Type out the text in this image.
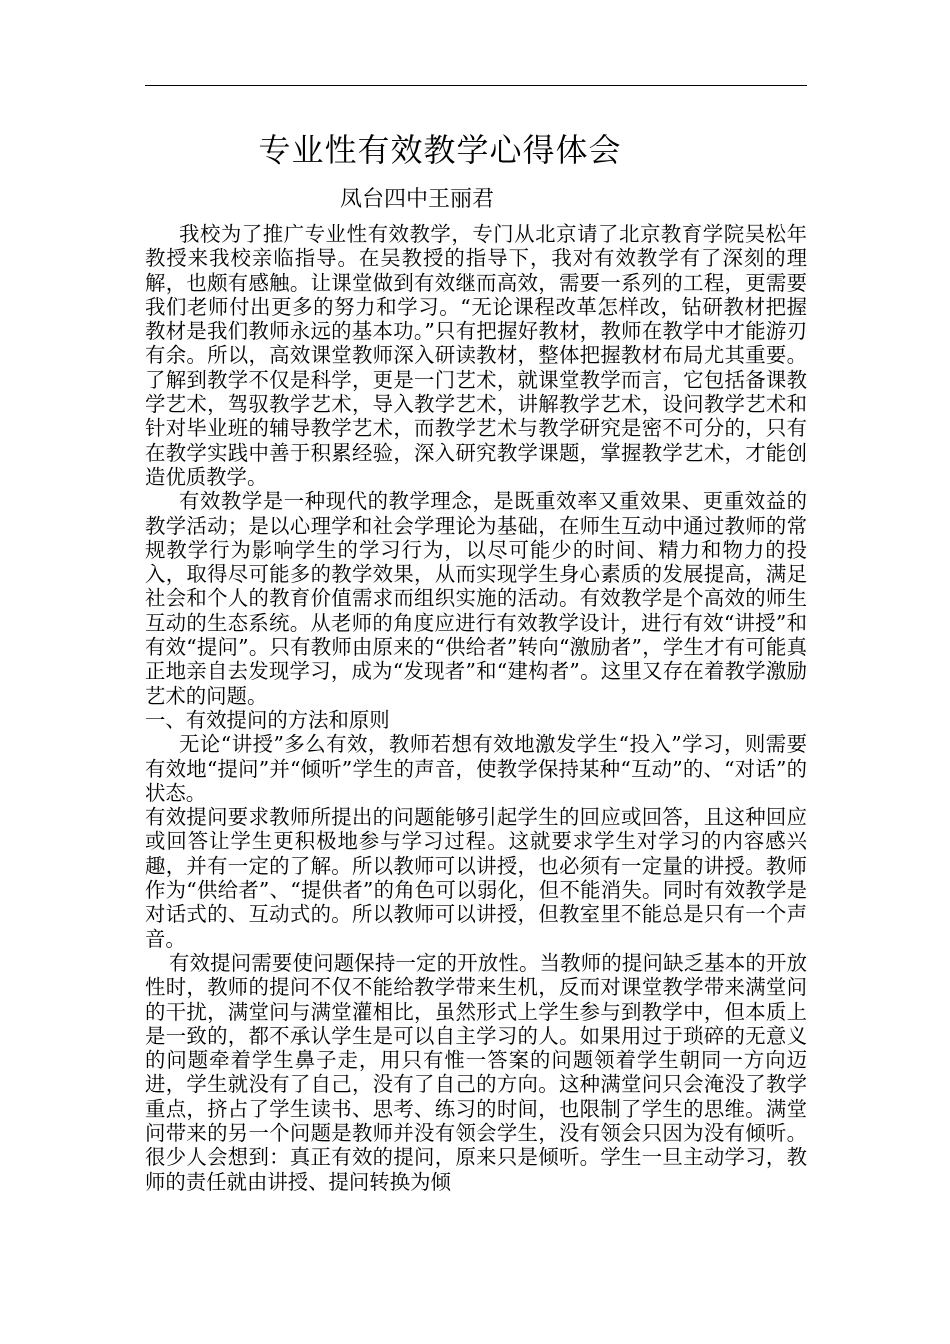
专业性有效教学心得体会
凤台四中王丽君

我校为了推广专业性有效教学，专门从北京请了北京教育学院吴松年教授来我校亲临指导。在吴教授的指导下，我对有效教学有了深刻的理解，也颇有感触。让课堂做到有效继而高效，需要一系列的工程，更需要我们老师付出更多的努力和学习。“无论课程改革怎样改，钻研教材把握教材是我们教师永远的基本功。”只有把握好教材，教师在教学中才能游刃有余。所以，高效课堂教师深入研读教材，整体把握教材布局尤其重要。了解到教学不仅是科学，更是一门艺术，就课堂教学而言，它包括备课教学艺术，驾驭教学艺术，导入教学艺术，讲解教学艺术，设问教学艺术和针对毕业班的辅导教学艺术，而教学艺术与教学研究是密不可分的，只有在教学实践中善于积累经验，深入研究教学课题，掌握教学艺术，才能创造优质教学。

有效教学是一种现代的教学理念，是既重效率又重效果、更重效益的教学活动；是以心理学和社会学理论为基础，在师生互动中通过教师的常规教学行为影响学生的学习行为，以尽可能少的时间、精力和物力的投入，取得尽可能多的教学效果，从而实现学生身心素质的发展提高，满足社会和个人的教育价值需求而组织实施的活动。有效教学是个高效的师生互动的生态系统。从老师的角度应进行有效教学设计，进行有效“讲授”和有效“提问”。只有教师由原来的“供给者”转向“激励者”，学生才有可能真正地亲自去发现学习，成为“发现者”和“建构者”。这里又存在着教学激励艺术的问题。

一、有效提问的方法和原则

无论“讲授”多么有效，教师若想有效地激发学生“投入”学习，则需要有效地“提问”并“倾听”学生的声音，使教学保持某种“互动”的、“对话”的状态。

有效提问要求教师所提出的问题能够引起学生的回应或回答，且这种回应或回答让学生更积极地参与学习过程。这就要求学生对学习的内容感兴趣，并有一定的了解。所以教师可以讲授，也必须有一定量的讲授。教师作为“供给者”、“提供者”的角色可以弱化，但不能消失。同时有效教学是对话式的、互动式的。所以教师可以讲授，但教室里不能总是只有一个声音。

有效提问需要使问题保持一定的开放性。当教师的提问缺乏基本的开放性时，教师的提问不仅不能给教学带来生机，反而对课堂教学带来满堂问的干扰，满堂问与满堂灌相比，虽然形式上学生参与到教学中，但本质上是一致的，都不承认学生是可以自主学习的人。如果用过于琐碎的无意义的问题牵着学生鼻子走，用只有惟一答案的问题领着学生朝同一方向迈进，学生就没有了自己，没有了自己的方向。这种满堂问只会淹没了教学重点，挤占了学生读书、思考、练习的时间，也限制了学生的思维。满堂问带来的另一个问题是教师并没有领会学生，没有领会只因为没有倾听。很少人会想到：真正有效的提问，原来只是倾听。学生一旦主动学习，教师的责任就由讲授、提问转换为倾
